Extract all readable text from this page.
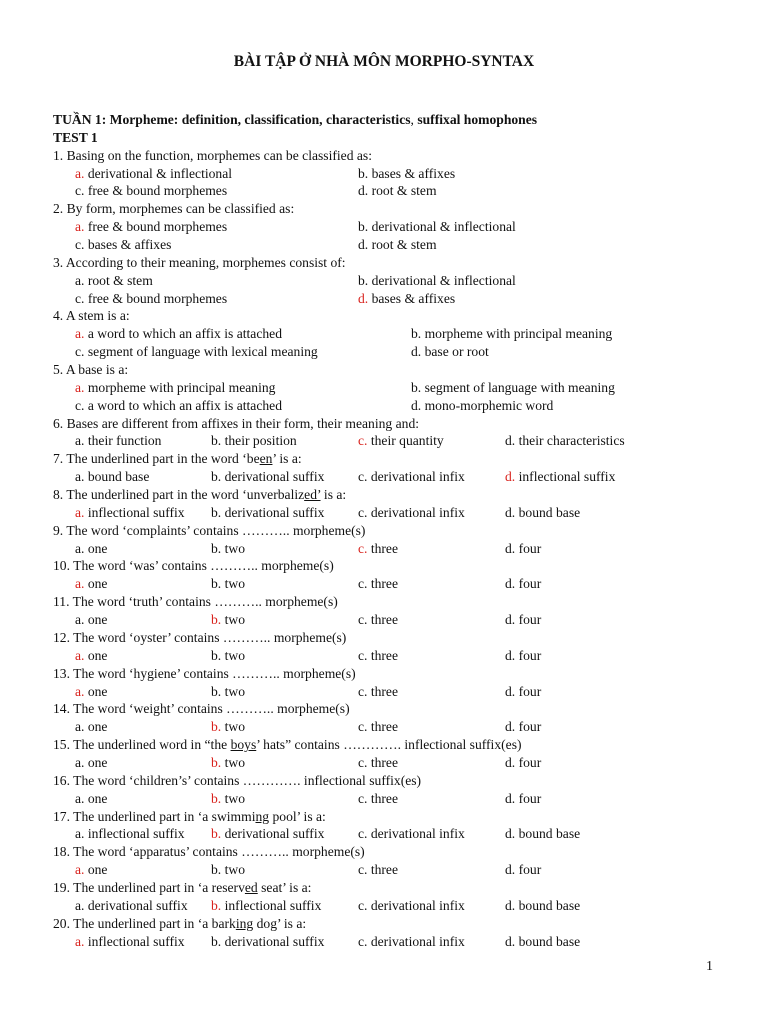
BÀI TẬP Ở NHÀ MÔN MORPHO-SYNTAX
TUẦN 1: Morpheme: definition, classification, characteristics, suffixal homophones
TEST 1
1. Basing on the function, morphemes can be classified as:
a. derivational & inflectional	b. bases & affixes
c. free & bound morphemes	d. root & stem
2. By form, morphemes can be classified as:
a. free & bound morphemes	b. derivational & inflectional
c. bases & affixes	d. root & stem
3. According to their meaning, morphemes consist of:
a. root & stem	b. derivational & inflectional
c. free & bound morphemes	d. bases & affixes
4. A stem is a:
a. a word to which an affix is attached	b. morpheme with principal meaning
c. segment of language with lexical meaning	d. base or root
5. A base is a:
a. morpheme with principal meaning	b. segment of language with meaning
c. a word to which an affix is attached	d. mono-morphemic word
6. Bases are different from affixes in their form, their meaning and:
a. their function	b. their position	c. their quantity	d. their characteristics
7. The underlined part in the word ‘been’ is a:
a. bound base	b. derivational suffix c. derivational infix	d. inflectional suffix
8. The underlined part in the word ‘unverbalized’ is a:
a. inflectional suffix b. derivational suffix c. derivational infix	d. bound base
9. The word ‘complaints’ contains ……….. morpheme(s)
a. one	b. two	c. three	d. four
10. The word ‘was’ contains ……….. morpheme(s)
a. one	b. two	c. three	d. four
11. The word ‘truth’ contains ……….. morpheme(s)
a. one	b. two	c. three	d. four
12. The word ‘oyster’ contains ……….. morpheme(s)
a. one	b. two	c. three	d. four
13. The word ‘hygiene’ contains ……….. morpheme(s)
a. one	b. two	c. three	d. four
14. The word ‘weight’ contains ……….. morpheme(s)
a. one	b. two	c. three	d. four
15. The underlined word in “the boys’ hats” contains …………. inflectional suffix(es)
a. one	b. two	c. three	d. four
16. The word ‘children’s’ contains …………. inflectional suffix(es)
a. one	b. two	c. three	d. four
17. The underlined part in ‘a swimming pool’ is a:
a. inflectional suffix b. derivational suffix c. derivational infix	d. bound base
18. The word ‘apparatus’ contains ……….. morpheme(s)
a. one	b. two	c. three	d. four
19. The underlined part in ‘a reserved seat’ is a:
a. derivational suffix b. inflectional suffix	c. derivational infix	d. bound base
20. The underlined part in ‘a barking dog’ is a:
a. inflectional suffix b. derivational suffix c. derivational infix	d. bound base
1
